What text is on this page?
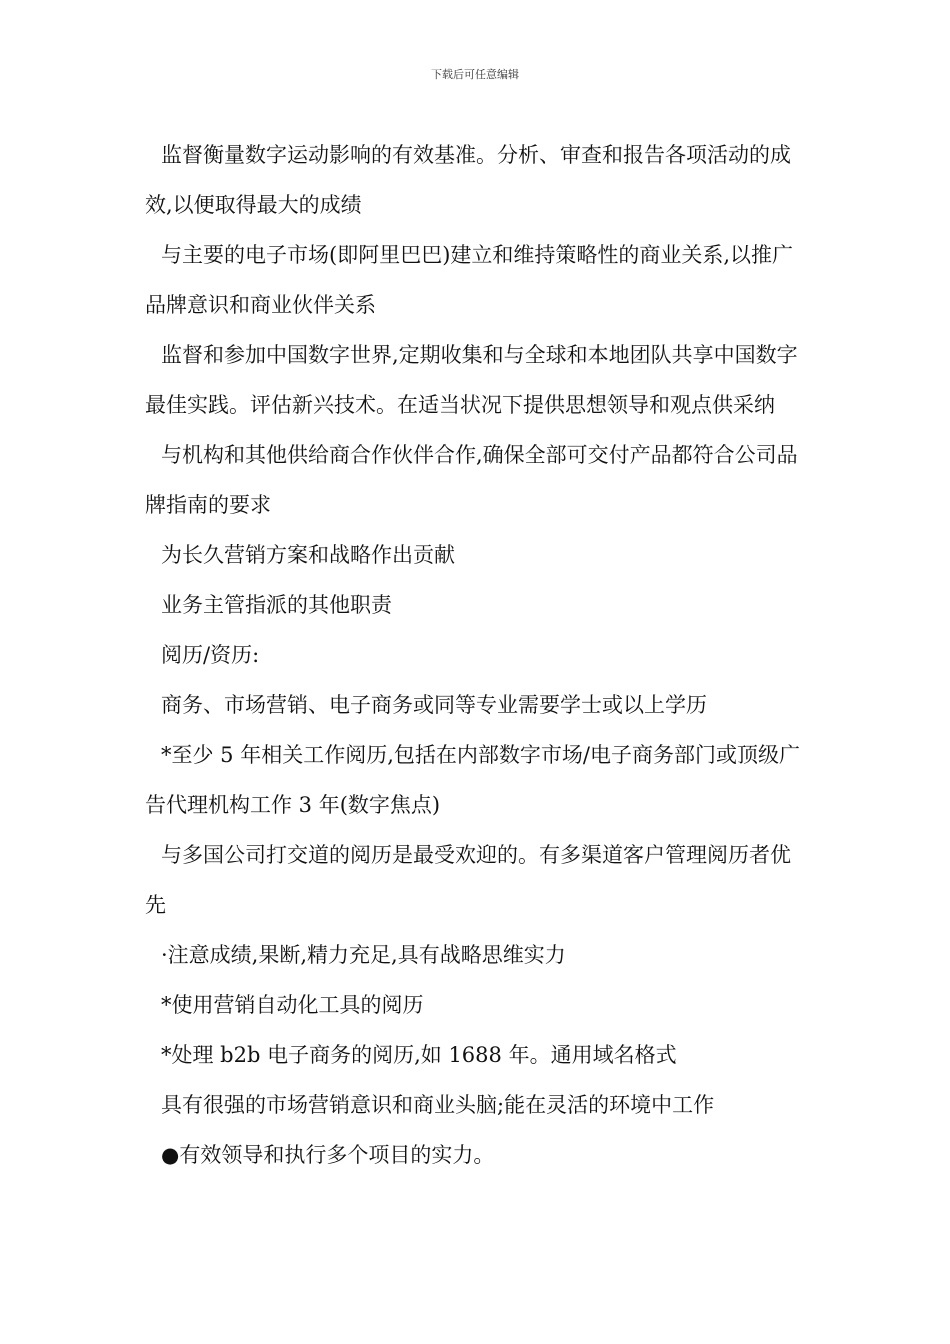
下载后可任意编辑

监督衡量数字运动影响的有效基准。分析、审查和报告各项活动的成效,以便取得最大的成绩

与主要的电子市场(即阿里巴巴)建立和维持策略性的商业关系,以推广品牌意识和商业伙伴关系

监督和参加中国数字世界,定期收集和与全球和本地团队共享中国数字最佳实践。评估新兴技术。在适当状况下提供思想领导和观点供采纳

与机构和其他供给商合作伙伴合作,确保全部可交付产品都符合公司品牌指南的要求

为长久营销方案和战略作出贡献

业务主管指派的其他职责

阅历/资历:

商务、市场营销、电子商务或同等专业需要学士或以上学历

*至少 5 年相关工作阅历,包括在内部数字市场/电子商务部门或顶级广告代理机构工作 3 年(数字焦点)

与多国公司打交道的阅历是最受欢迎的。有多渠道客户管理阅历者优先

·注意成绩,果断,精力充足,具有战略思维实力

*使用营销自动化工具的阅历

*处理 b2b 电子商务的阅历,如 1688 年。通用域名格式

具有很强的市场营销意识和商业头脑;能在灵活的环境中工作

●有效领导和执行多个项目的实力。
